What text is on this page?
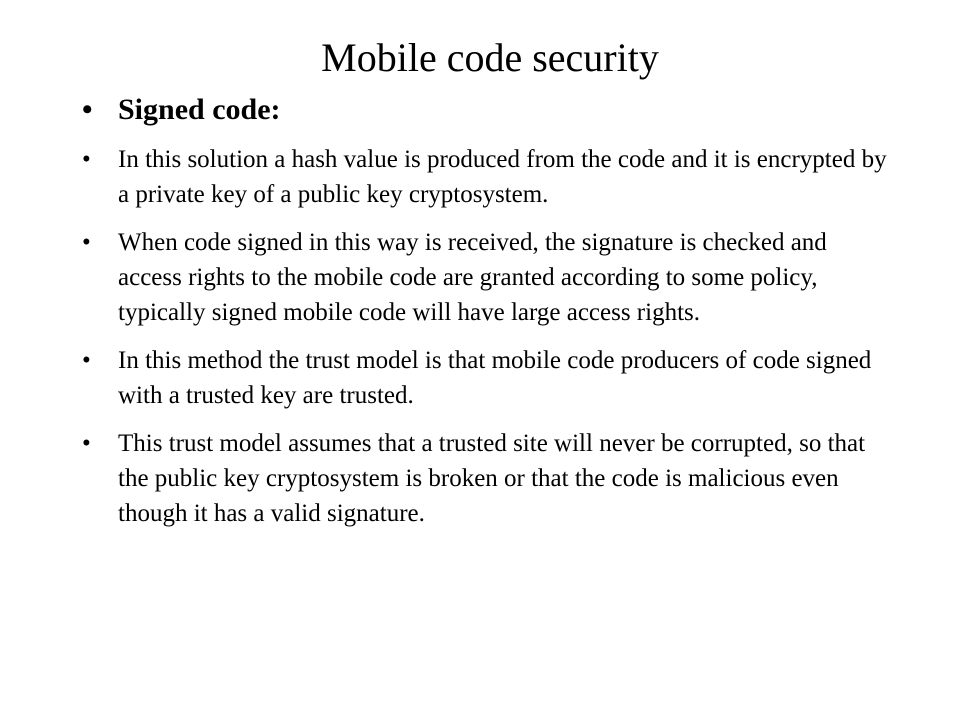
Mobile code security
• Signed code:
• In this solution a hash value is produced from the code and it is encrypted by a private key of a public key cryptosystem.
• When code signed in this way is received, the signature is checked and access rights to the mobile code are granted according to some policy, typically signed mobile code will have large access rights.
• In this method the trust model is that mobile code producers of code signed with a trusted key are trusted.
• This trust model assumes that a trusted site will never be corrupted, so that the public key cryptosystem is broken or that the code is malicious even though it has a valid signature.
